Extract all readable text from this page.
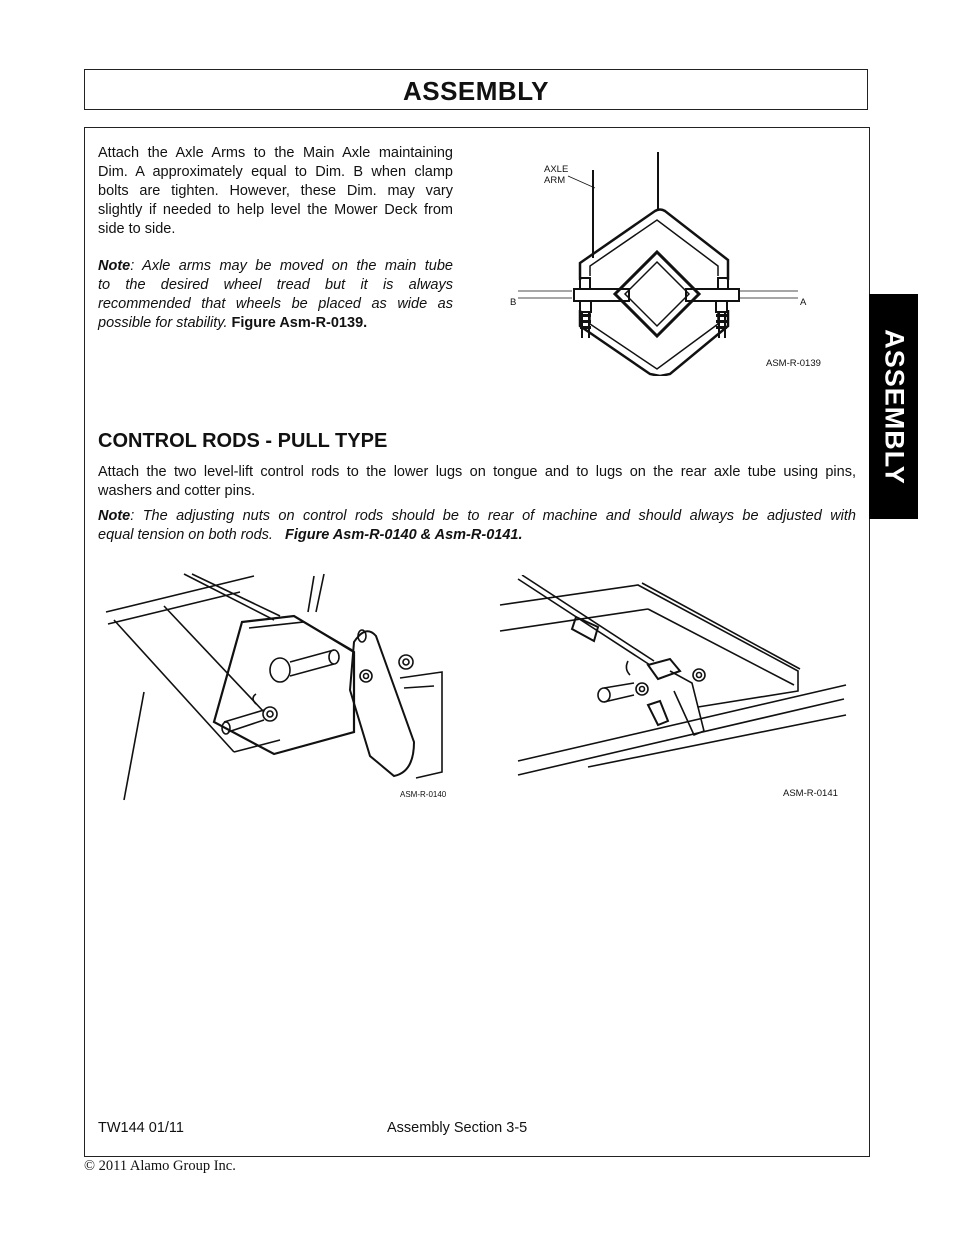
ASSEMBLY
ASSEMBLY
Attach the Axle Arms to the Main Axle maintaining
Dim. A approximately equal to Dim. B when clamp
bolts are tighten. However, these Dim. may vary
slightly if needed to help level the Mower Deck from
side to side.
Note: Axle arms may be moved on the main tube
to the desired wheel tread but it is always
recommended that wheels be placed as wide as
possible for stability. Figure Asm-R-0139.
AXLE
ARM
B	A
ASM-R-0139
CONTROL RODS - PULL TYPE
Attach the two level-lift control rods to the lower lugs on tongue and to lugs on the rear axle tube using pins,
washers and cotter pins.
Note: The adjusting nuts on control rods should be to rear of machine and should always be adjusted with
equal tension on both rods. Figure Asm-R-0140 & Asm-R-0141.
ASM-R-0140	ASM-R-0141
TW144 01/11	Assembly Section 3-5
© 2011 Alamo Group Inc.
